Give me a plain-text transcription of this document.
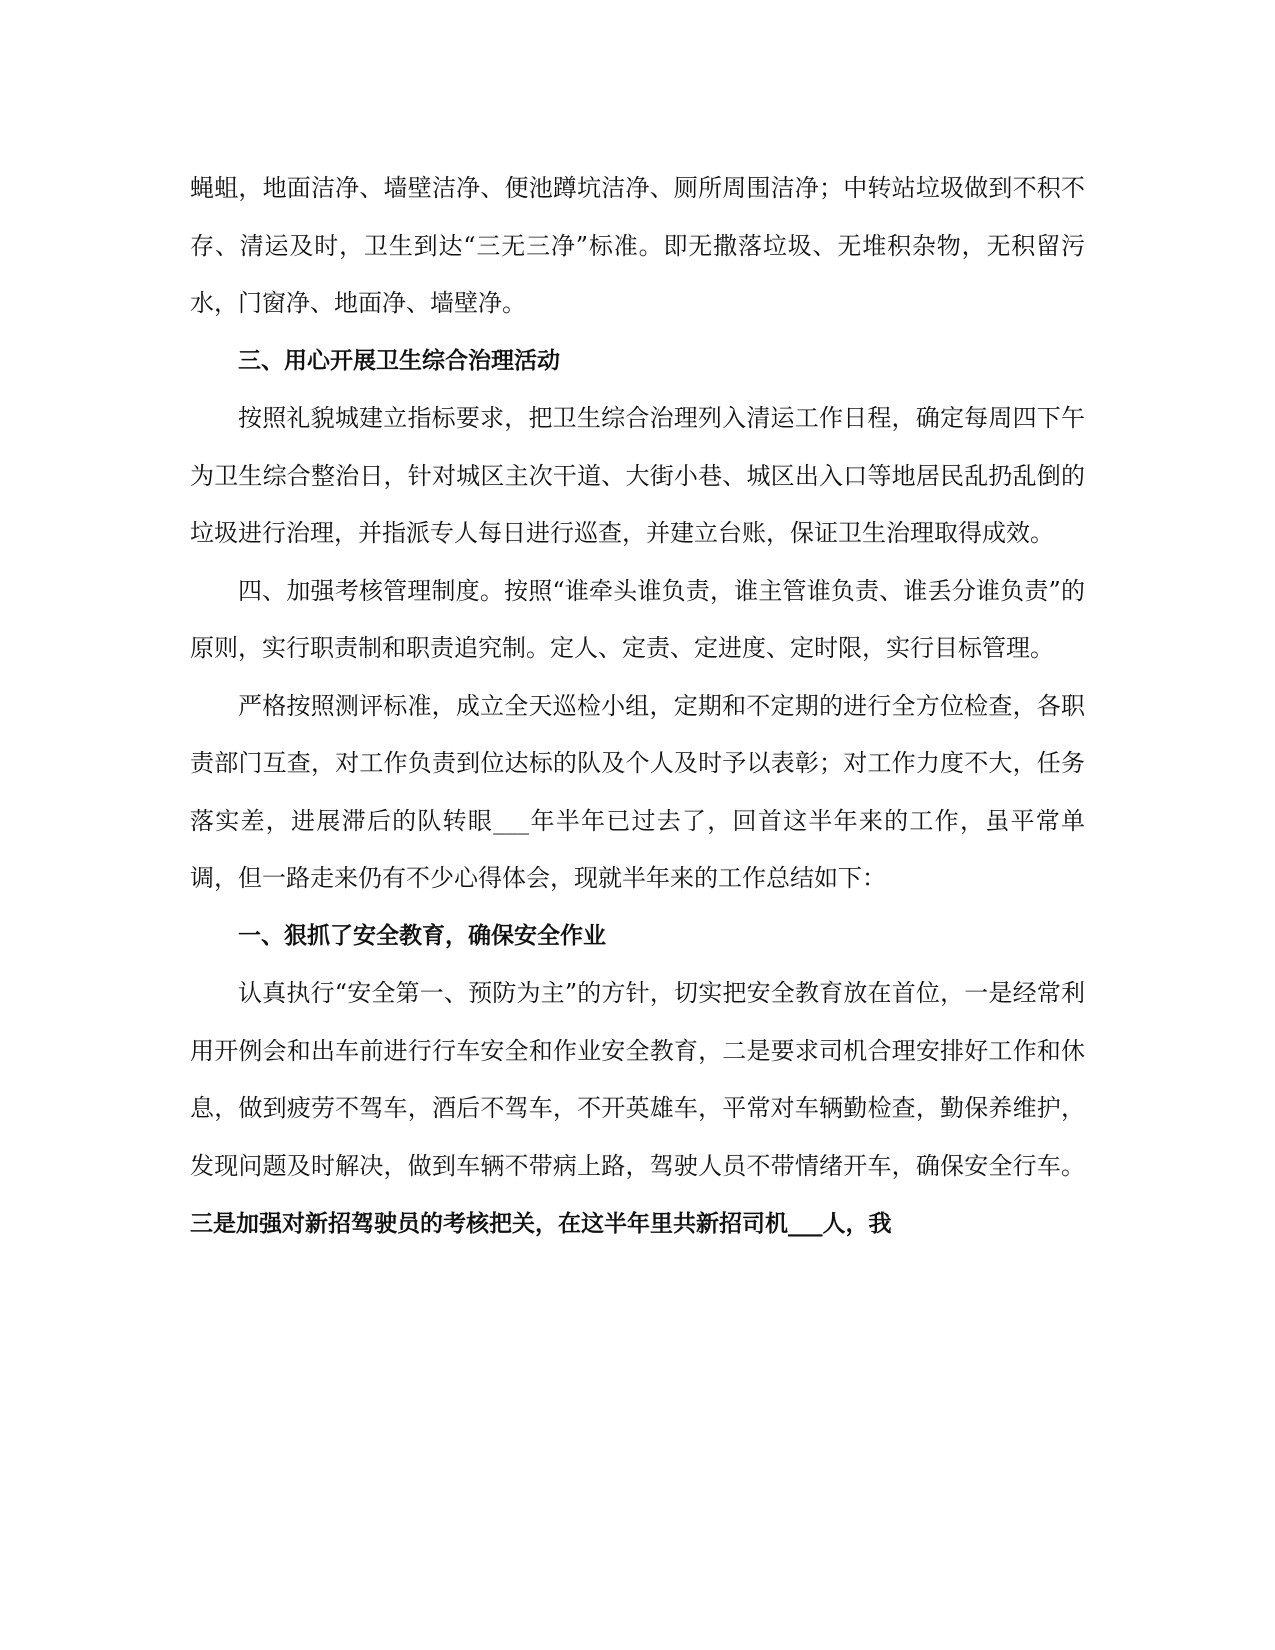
蝇蛆，地面洁净、墙壁洁净、便池蹲坑洁净、厕所周围洁净；中转站垃圾做到不积不存、清运及时，卫生到达“三无三净”标准。即无撒落垃圾、无堆积杂物，无积留污水，门窗净、地面净、墙壁净。

三、用心开展卫生综合治理活动

按照礼貌城建立指标要求，把卫生综合治理列入清运工作日程，确定每周四下午为卫生综合整治日，针对城区主次干道、大街小巷、城区出入口等地居民乱扔乱倒的垃圾进行治理，并指派专人每日进行巡查，并建立台账，保证卫生治理取得成效。

四、加强考核管理制度。按照“谁牵头谁负责，谁主管谁负责、谁丢分谁负责”的原则，实行职责制和职责追究制。定人、定责、定进度、定时限，实行目标管理。

严格按照测评标准，成立全天巡检小组，定期和不定期的进行全方位检查，各职责部门互查，对工作负责到位达标的队及个人及时予以表彰；对工作力度不大，任务落实差，进展滞后的队转眼___年半年已过去了，回首这半年来的工作，虽平常单调，但一路走来仍有不少心得体会，现就半年来的工作总结如下：

一、狠抓了安全教育，确保安全作业

认真执行“安全第一、预防为主”的方针，切实把安全教育放在首位，一是经常利用开例会和出车前进行行车安全和作业安全教育，二是要求司机合理安排好工作和休息，做到疲劳不驾车，酒后不驾车，不开英雄车，平常对车辆勤检查，勤保养维护，发现问题及时解决，做到车辆不带病上路，驾驶人员不带情绪开车，确保安全行车。三是加强对新招驾驶员的考核把关，在这半年里共新招司机___人，我
